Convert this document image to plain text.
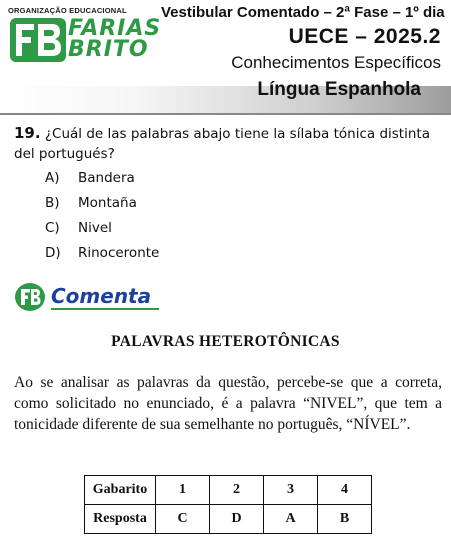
ORGANIZAÇÃO EDUCACIONAL
FARIAS
BRITO
Vestibular Comentado – 2ª Fase – 1º dia
UECE – 2025.2
Conhecimentos Específicos
Língua Espanhola
19. ¿Cuál de las palabras abajo tiene la sílaba tónica distinta del portugués?
A) Bandera
B) Montaña
C) Nivel
D) Rinoceronte
Comenta
PALAVRAS HETEROTÔNICAS
Ao se analisar as palavras da questão, percebe-se que a correta, como solicitado no enunciado, é a palavra “NIVEL”, que tem a tonicidade diferente de sua semelhante no português, “NÍVEL”.
Gabarito	1	2	3	4
Resposta	C	D	A	B
